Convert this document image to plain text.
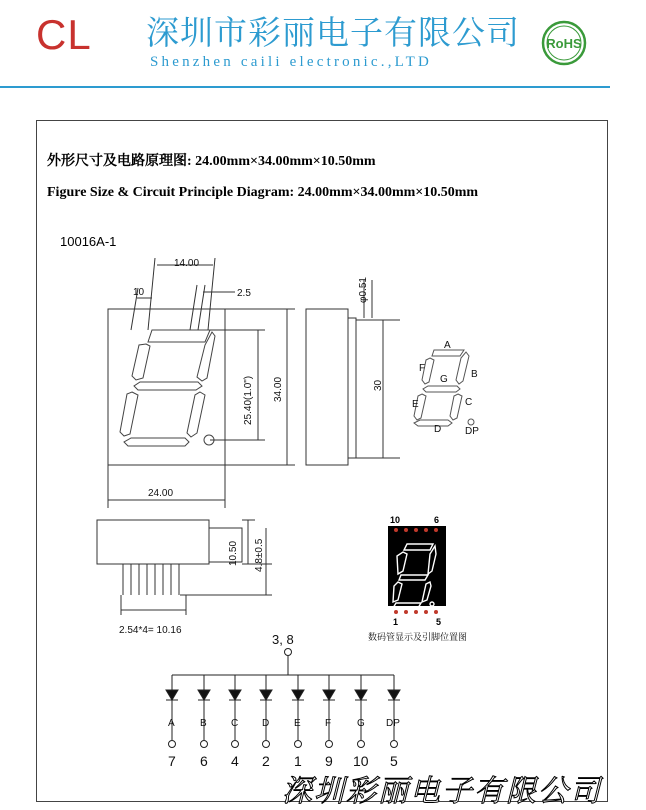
CL 深圳市彩丽电子有限公司
Shenzhen caili electronic.,LTD
RoHS
外形尺寸及电路原理图: 24.00mm×34.00mm×10.50mm
Figure Size & Circuit Principle Diagram: 24.00mm×34.00mm×10.50mm
10016A-1
14.00
10	2.5
25.40(1.0") 34.00
24.00
φ0.51
30
10.50 4.8±0.5
2.54*4= 10.16
A
B
C
D
E
F
G
DP
10	6
1	5
数码管显示及引脚位置图
3, 8
A
7
B
6
C
4
D
2
E
1
F
9
G
10
DP
5
深圳彩丽电子有限公司
